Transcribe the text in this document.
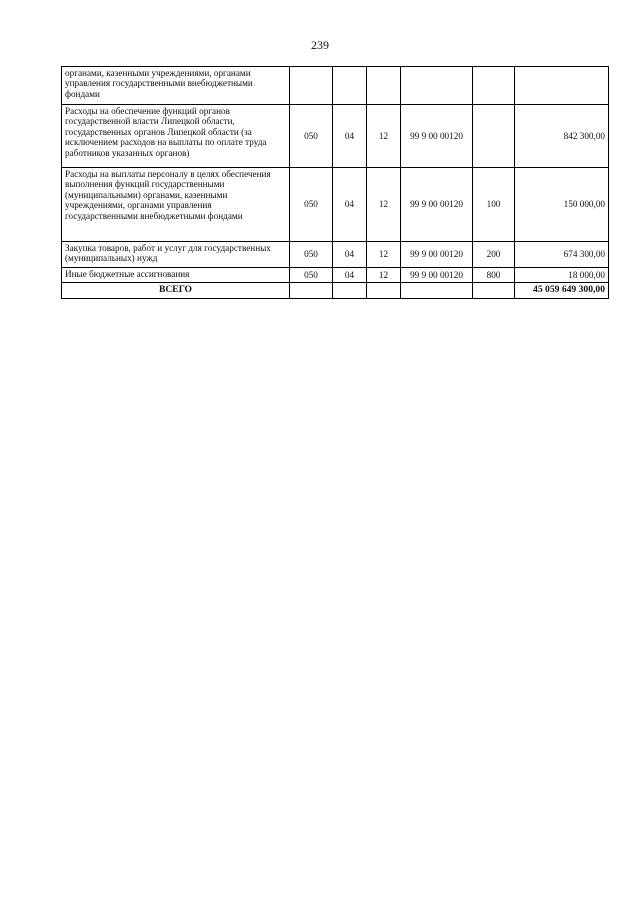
239
органами, казенными учреждениями, органами управления государственными внебюджетными фондами						
Расходы на обеспечение функций органов государственной власти Липецкой области, государственных органов Липецкой области (за исключением расходов на выплаты по оплате труда работников указанных органов)	050	04	12	99 9 00 00120		842 300,00
Расходы на выплаты персоналу в целях обеспечения выполнения функций государственными (муниципальными) органами, казенными учреждениями, органами управления государственными внебюджетными фондами	050	04	12	99 9 00 00120	100	150 000,00
Закупка товаров, работ и услуг для государственных (муниципальных) нужд	050	04	12	99 9 00 00120	200	674 300,00
Иные бюджетные ассигнования	050	04	12	99 9 00 00120	800	18 000,00
ВСЕГО						45 059 649 300,00
